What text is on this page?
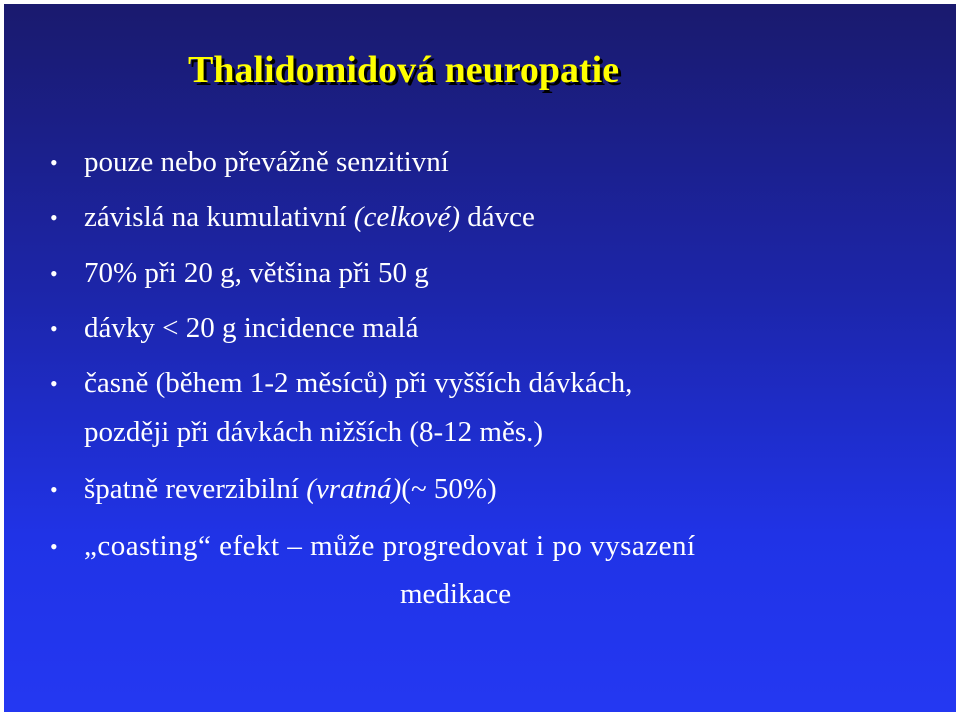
Thalidomidová neuropatie
• pouze nebo převážně senzitivní
• závislá na kumulativní (celkové) dávce
• 70% při 20 g, většina při 50 g
• dávky < 20 g incidence malá
• časně (během 1-2 měsíců) při vyšších dávkách,
později při dávkách nižších (8-12 měs.)
• špatně reverzibilní (vratná)(~ 50%)
• „coasting“ efekt – může progredovat i po vysazení
medikace
